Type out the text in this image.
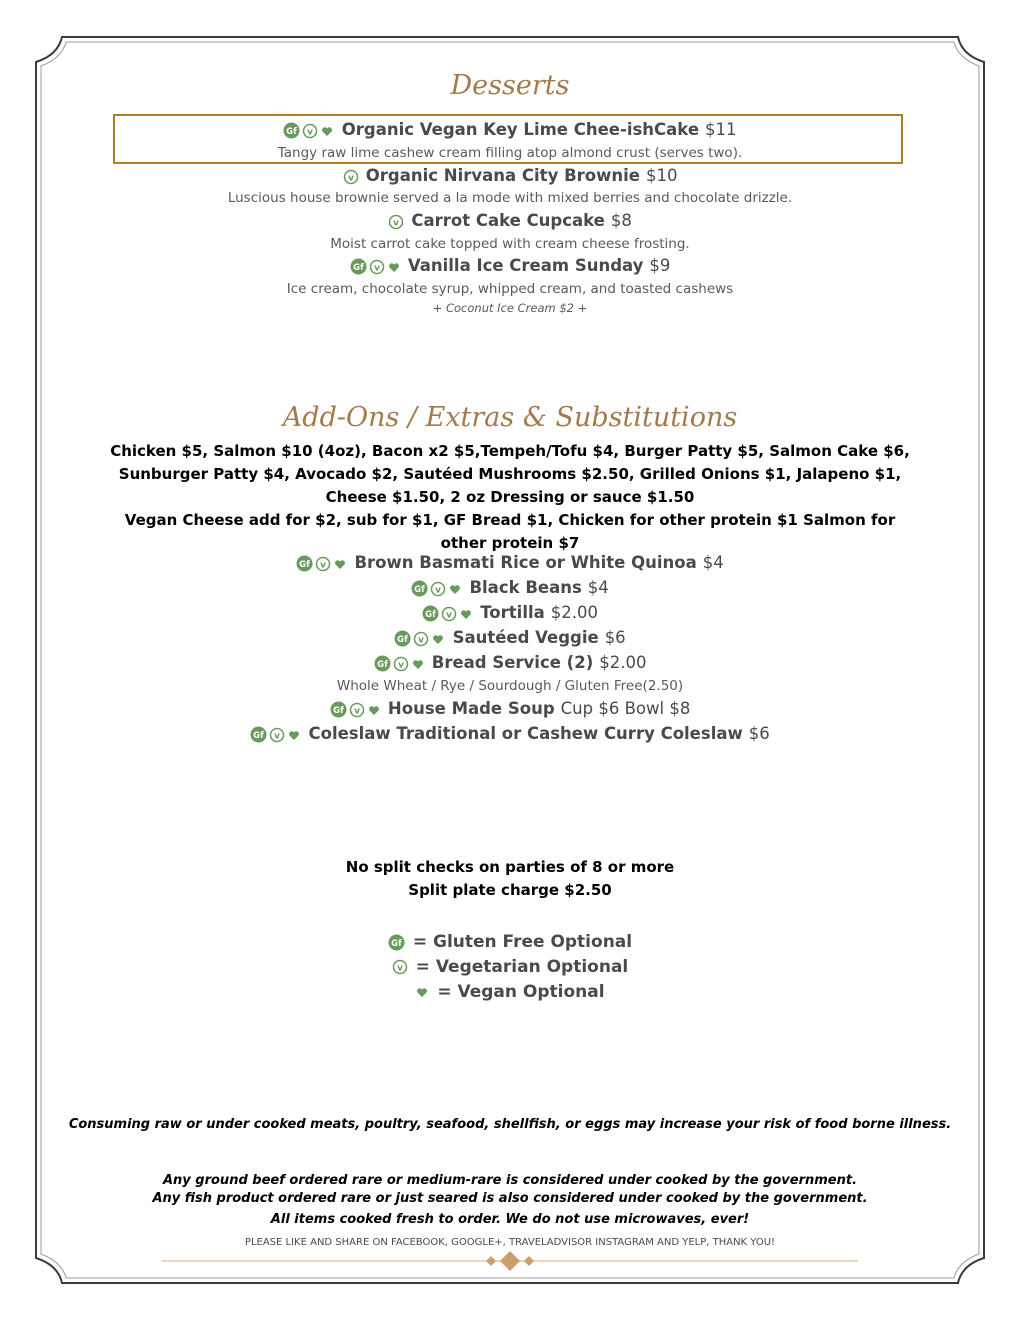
Desserts
Gf v Organic Vegan Key Lime Chee-ishCake $11
Tangy raw lime cashew cream filling atop almond crust (serves two).
v Organic Nirvana City Brownie $10
Luscious house brownie served a la mode with mixed berries and chocolate drizzle.
v Carrot Cake Cupcake $8
Moist carrot cake topped with cream cheese frosting.
Gf v Vanilla Ice Cream Sunday $9
Ice cream, chocolate syrup, whipped cream, and toasted cashews
+ Coconut Ice Cream $2 +
Add-Ons / Extras & Substitutions
Chicken $5, Salmon $10 (4oz), Bacon x2 $5,Tempeh/Tofu $4, Burger Patty $5, Salmon Cake $6,
Sunburger Patty $4, Avocado $2, Sautéed Mushrooms $2.50, Grilled Onions $1, Jalapeno $1,
Cheese $1.50, 2 oz Dressing or sauce $1.50
Vegan Cheese add for $2, sub for $1, GF Bread $1, Chicken for other protein $1 Salmon for
other protein $7
Gf v Brown Basmati Rice or White Quinoa $4
Gf v Black Beans $4
Gf v Tortilla $2.00
Gf v Sautéed Veggie $6
Gf v Bread Service (2) $2.00
Whole Wheat / Rye / Sourdough / Gluten Free(2.50)
Gf v House Made Soup Cup $6 Bowl $8
Gf v Coleslaw Traditional or Cashew Curry Coleslaw $6
No split checks on parties of 8 or more
Split plate charge $2.50
Gf = Gluten Free Optional
v = Vegetarian Optional
= Vegan Optional
Consuming raw or under cooked meats, poultry, seafood, shellfish, or eggs may increase your risk of food borne illness.
Any ground beef ordered rare or medium-rare is considered under cooked by the government.
Any fish product ordered rare or just seared is also considered under cooked by the government.
All items cooked fresh to order. We do not use microwaves, ever!
PLEASE LIKE AND SHARE ON FACEBOOK, GOOGLE+, TRAVELADVISOR INSTAGRAM AND YELP, THANK YOU!
